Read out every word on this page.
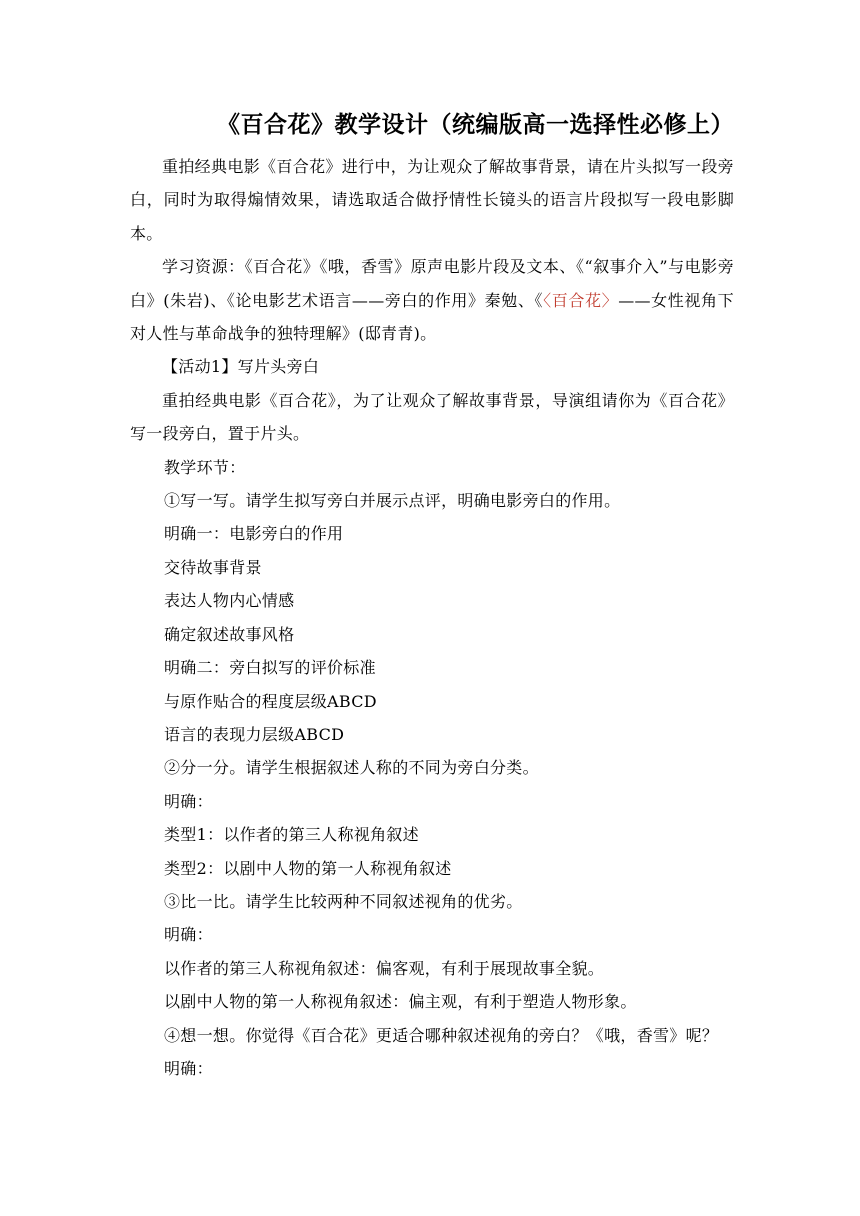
《百合花》教学设计（统编版高一选择性必修上）

重拍经典电影《百合花》进行中，为让观众了解故事背景，请在片头拟写一段旁白，同时为取得煽情效果，请选取适合做抒情性长镜头的语言片段拟写一段电影脚本。

学习资源：《百合花》《哦，香雪》原声电影片段及文本、《“叙事介入”与电影旁白》(朱岩)、《论电影艺术语言——旁白的作用》秦勉、《〈百合花〉——女性视角下对人性与革命战争的独特理解》(邸青青)。

【活动1】写片头旁白

重拍经典电影《百合花》，为了让观众了解故事背景，导演组请你为《百合花》写一段旁白，置于片头。

教学环节：

①写一写。请学生拟写旁白并展示点评，明确电影旁白的作用。

明确一：电影旁白的作用

交待故事背景

表达人物内心情感

确定叙述故事风格

明确二：旁白拟写的评价标准

与原作贴合的程度层级ABCD

语言的表现力层级ABCD

②分一分。请学生根据叙述人称的不同为旁白分类。

明确：

类型1：以作者的第三人称视角叙述

类型2：以剧中人物的第一人称视角叙述

③比一比。请学生比较两种不同叙述视角的优劣。

明确：

以作者的第三人称视角叙述：偏客观，有利于展现故事全貌。

以剧中人物的第一人称视角叙述：偏主观，有利于塑造人物形象。

④想一想。你觉得《百合花》更适合哪种叙述视角的旁白？《哦，香雪》呢？

明确：
